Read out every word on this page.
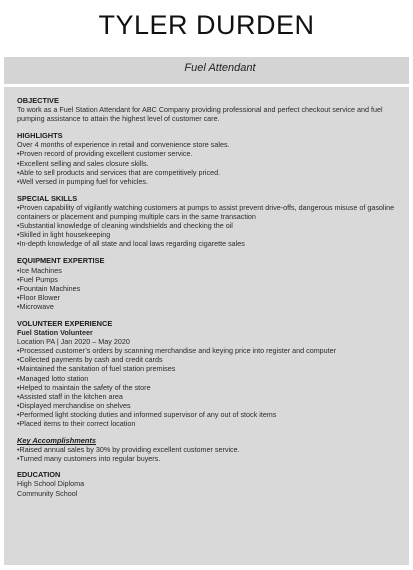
TYLER DURDEN
Fuel Attendant
OBJECTIVE
To work as a Fuel Station Attendant for ABC Company providing professional and perfect checkout service and fuel pumping assistance to attain the highest level of customer care.
HIGHLIGHTS
Over 4 months of experience in retail and convenience store sales.
•Proven record of providing excellent customer service.
•Excellent selling and sales closure skills.
•Able to sell products and services that are competitively priced.
•Well versed in pumping fuel for vehicles.
SPECIAL SKILLS
•Proven capability of vigilantly watching customers at pumps to assist prevent drive-offs, dangerous misuse of gasoline containers or placement and pumping multiple cars in the same transaction
•Substantial knowledge of cleaning windshields and checking the oil
•Skilled in light housekeeping
•In-depth knowledge of all state and local laws regarding cigarette sales
EQUIPMENT EXPERTISE
•Ice Machines
•Fuel Pumps
•Fountain Machines
•Floor Blower
•Microwave
VOLUNTEER EXPERIENCE
Fuel Station Volunteer
Location PA | Jan 2020 – May 2020
•Processed customer’s orders by scanning merchandise and keying price into register and computer
•Collected payments by cash and credit cards
•Maintained the sanitation of fuel station premises
•Managed lotto station
•Helped to maintain the safety of the store
•Assisted staff in the kitchen area
•Displayed merchandise on shelves
•Performed light stocking duties and informed supervisor of any out of stock items
•Placed items to their correct location
Key Accomplishments
•Raised annual sales by 30% by providing excellent customer service.
•Turned many customers into regular buyers.
EDUCATION
High School Diploma
Community School
